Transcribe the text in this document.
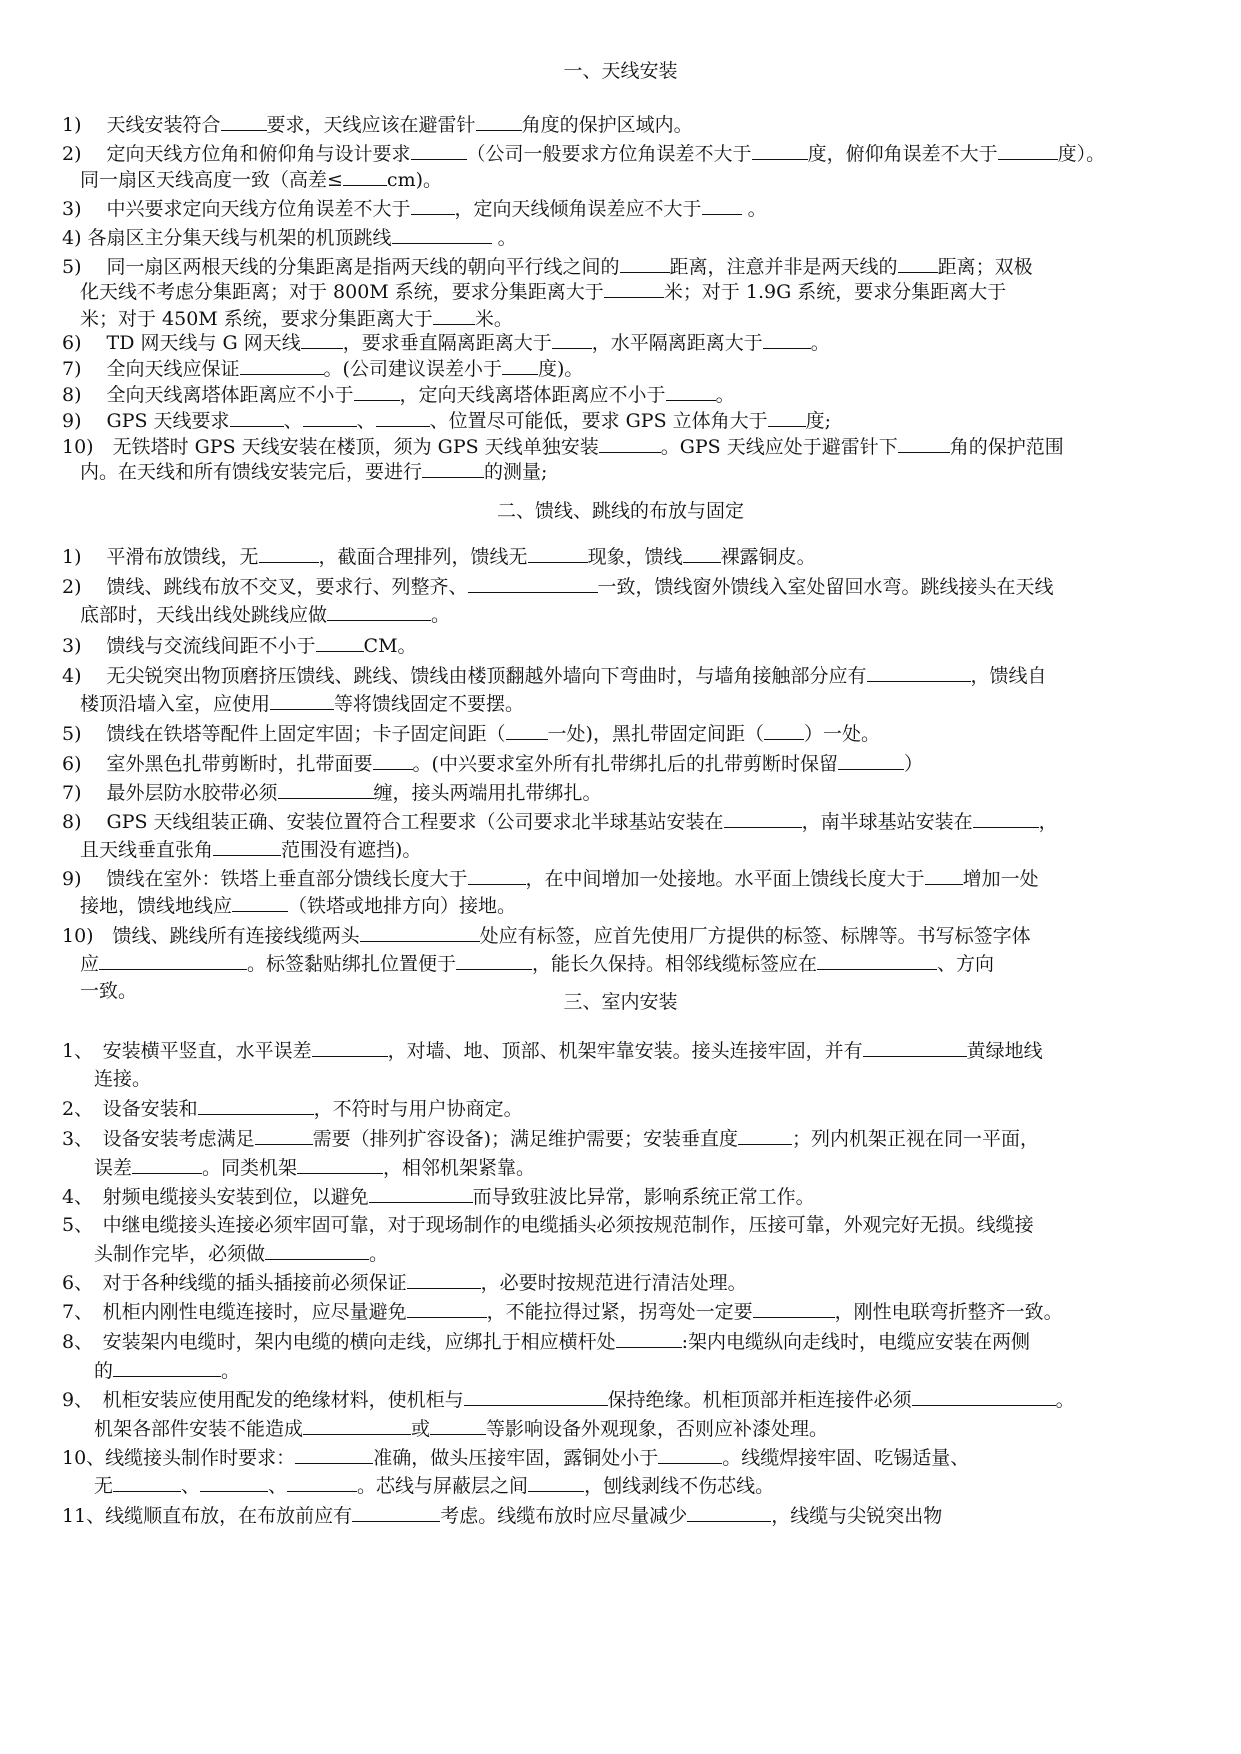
一、天线安装
二、馈线、跳线的布放与固定
三、室内安装
1)　 天线安装符合 要求，天线应该在避雷针 角度的保护区域内。
2)　 定向天线方位角和俯仰角与设计要求	（公司一般要求方位角误差不大于	度，俯仰角误差不大于	度）。
同一扇区天线高度一致（高差≤ cm)。
3)　 中兴要求定向天线方位角误差不大于 ，定向天线倾角误差应不大于 。
4) 各扇区主分集天线与机架的机顶跳线	。
5)　 同一扇区两根天线的分集距离是指两天线的朝向平行线之间的	距离，注意并非是两天线的 距离；双极
化天线不考虑分集距离；对于 800M 系统，要求分集距离大于	米；对于 1.9G 系统，要求分集距离大于
米；对于 450M 系统，要求分集距离大于 米。
6)　 TD 网天线与 G 网天线 ，要求垂直隔离距离大于 ，水平隔离距离大于	。
7)　 全向天线应保证	。(公司建议误差小于 度)。
8)　 全向天线离塔体距离应不小于 ，定向天线离塔体距离应不小于	。
9)　 GPS 天线要求	、	、	、位置尽可能低，要求 GPS 立体角大于 度;
10)　无铁塔时 GPS 天线安装在楼顶，须为 GPS 天线单独安装	。GPS 天线应处于避雷针下	角的保护范围
内。在天线和所有馈线安装完后，要进行	的测量;
1)　 平滑布放馈线，无	，截面合理排列，馈线无	现象，馈线 裸露铜皮。
2)　 馈线、跳线布放不交叉，要求行、列整齐、	一致，馈线窗外馈线入室处留回水弯。跳线接头在天线
底部时，天线出线处跳线应做	。
3)　 馈线与交流线间距不小于	CM。
4)　 无尖锐突出物顶磨挤压馈线、跳线、馈线由楼顶翻越外墙向下弯曲时，与墙角接触部分应有	，馈线自
楼顶沿墙入室，应使用	等将馈线固定不要摆。
5)　 馈线在铁塔等配件上固定牢固；卡子固定间距（ 一处)，黑扎带固定间距（ ）一处。
6)　 室外黑色扎带剪断时，扎带面要 。(中兴要求室外所有扎带绑扎后的扎带剪断时保留	）
7)　 最外层防水胶带必须	缠，接头两端用扎带绑扎。
8)　 GPS 天线组装正确、安装位置符合工程要求（公司要求北半球基站安装在	，南半球基站安装在	，
且天线垂直张角	范围没有遮挡)。
9)　 馈线在室外：铁塔上垂直部分馈线长度大于	，在中间增加一处接地。水平面上馈线长度大于 增加一处
接地，馈线地线应	（铁塔或地排方向）接地。
10)　馈线、跳线所有连接线缆两头	处应有标签，应首先使用厂方提供的标签、标牌等。书写标签字体
应	。标签黏贴绑扎位置便于	，能长久保持。相邻线缆标签应在	、方向
一致。
1、　安装横平竖直，水平误差	，对墙、地、顶部、机架牢靠安装。接头连接牢固，并有	黄绿地线
连接。
2、　设备安装和	，不符时与用户协商定。
3、　设备安装考虑满足	需要（排列扩容设备)；满足维护需要；安装垂直度	；列内机架正视在同一平面，
误差	。同类机架	，相邻机架紧靠。
4、　射频电缆接头安装到位，以避免	而导致驻波比异常，影响系统正常工作。
5、　中继电缆接头连接必须牢固可靠，对于现场制作的电缆插头必须按规范制作，压接可靠，外观完好无损。线缆接
头制作完毕，必须做	。
6、　对于各种线缆的插头插接前必须保证	，必要时按规范进行清洁处理。
7、　机柜内刚性电缆连接时，应尽量避免	，不能拉得过紧，拐弯处一定要	，刚性电联弯折整齐一致。
8、　安装架内电缆时，架内电缆的横向走线，应绑扎于相应横杆处	:架内电缆纵向走线时，电缆应安装在两侧
的	。
9、　机柜安装应使用配发的绝缘材料，使机柜与	保持绝缘。机柜顶部并柜连接件必须	。
机架各部件安装不能造成	或	等影响设备外观现象，否则应补漆处理。
10、线缆接头制作时要求：	准确，做头压接牢固，露铜处小于	。线缆焊接牢固、吃锡适量、
无	、	、	。芯线与屏蔽层之间	，刨线剥线不伤芯线。
11、线缆顺直布放，在布放前应有	考虑。线缆布放时应尽量减少	，线缆与尖锐突出物
